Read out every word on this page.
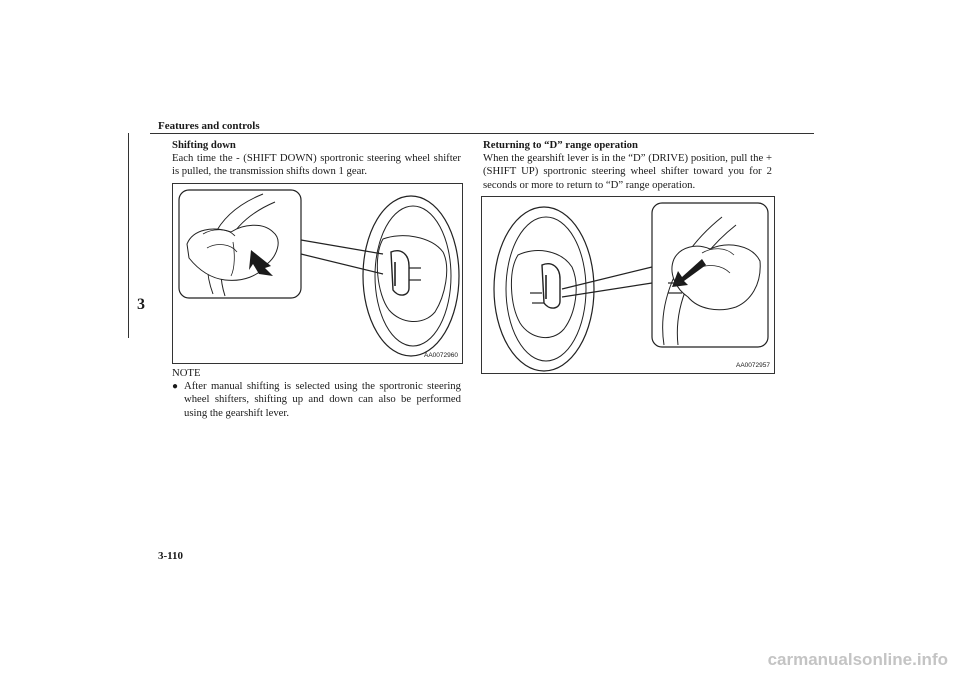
Features and controls
3
Shifting down
Each time the - (SHIFT DOWN) sportronic steering wheel shifter is pulled, the transmission shifts down 1 gear.
AA0072960
NOTE
● After manual shifting is selected using the sportronic steering wheel shifters, shifting up and down can also be performed using the gearshift lever.
Returning to “D” range operation
When the gearshift lever is in the “D” (DRIVE) position, pull the + (SHIFT UP) sportronic steering wheel shifter toward you for 2 seconds or more to return to “D” range operation.
AA0072957
3-110
carmanualsonline.info
